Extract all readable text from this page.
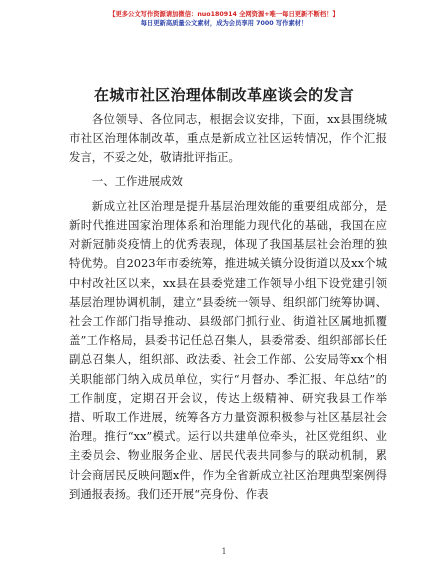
【更多公文写作资源请加微信：nuo180914 全网资源+唯一每日更新不断档！】
每日更新高质量公文素材，成为会员享用 7000 写作素材！
在城市社区治理体制改革座谈会的发言

各位领导、各位同志，根据会议安排，下面，xx县围绕城市社区治理体制改革，重点是新成立社区运转情况，作个汇报发言，不妥之处，敬请批评指正。

一、工作进展成效

新成立社区治理是提升基层治理效能的重要组成部分，是新时代推进国家治理体系和治理能力现代化的基础，我国在应对新冠肺炎疫情上的优秀表现，体现了我国基层社会治理的独特优势。自2023年市委统筹，推进城关镇分设街道以及xx个城中村改社区以来，xx县在县委党建工作领导小组下设党建引领基层治理协调机制，建立“县委统一领导、组织部门统筹协调、社会工作部门指导推动、县级部门抓行业、街道社区属地抓覆盖”工作格局，县委书记任总召集人，县委常委、组织部部长任副总召集人，组织部、政法委、社会工作部、公安局等xx个相关职能部门纳入成员单位，实行“月督办、季汇报、年总结”的工作制度，定期召开会议，传达上级精神、研究我县工作举措、听取工作进展，统筹各方力量资源积极参与社区基层社会治理。推行“xx”模式。运行以共建单位牵头，社区党组织、业主委员会、物业服务企业、居民代表共同参与的联动机制，累计会商居民反映问题x件，作为全省新成立社区治理典型案例得到通报表扬。我们还开展“亮身份、作表

1
